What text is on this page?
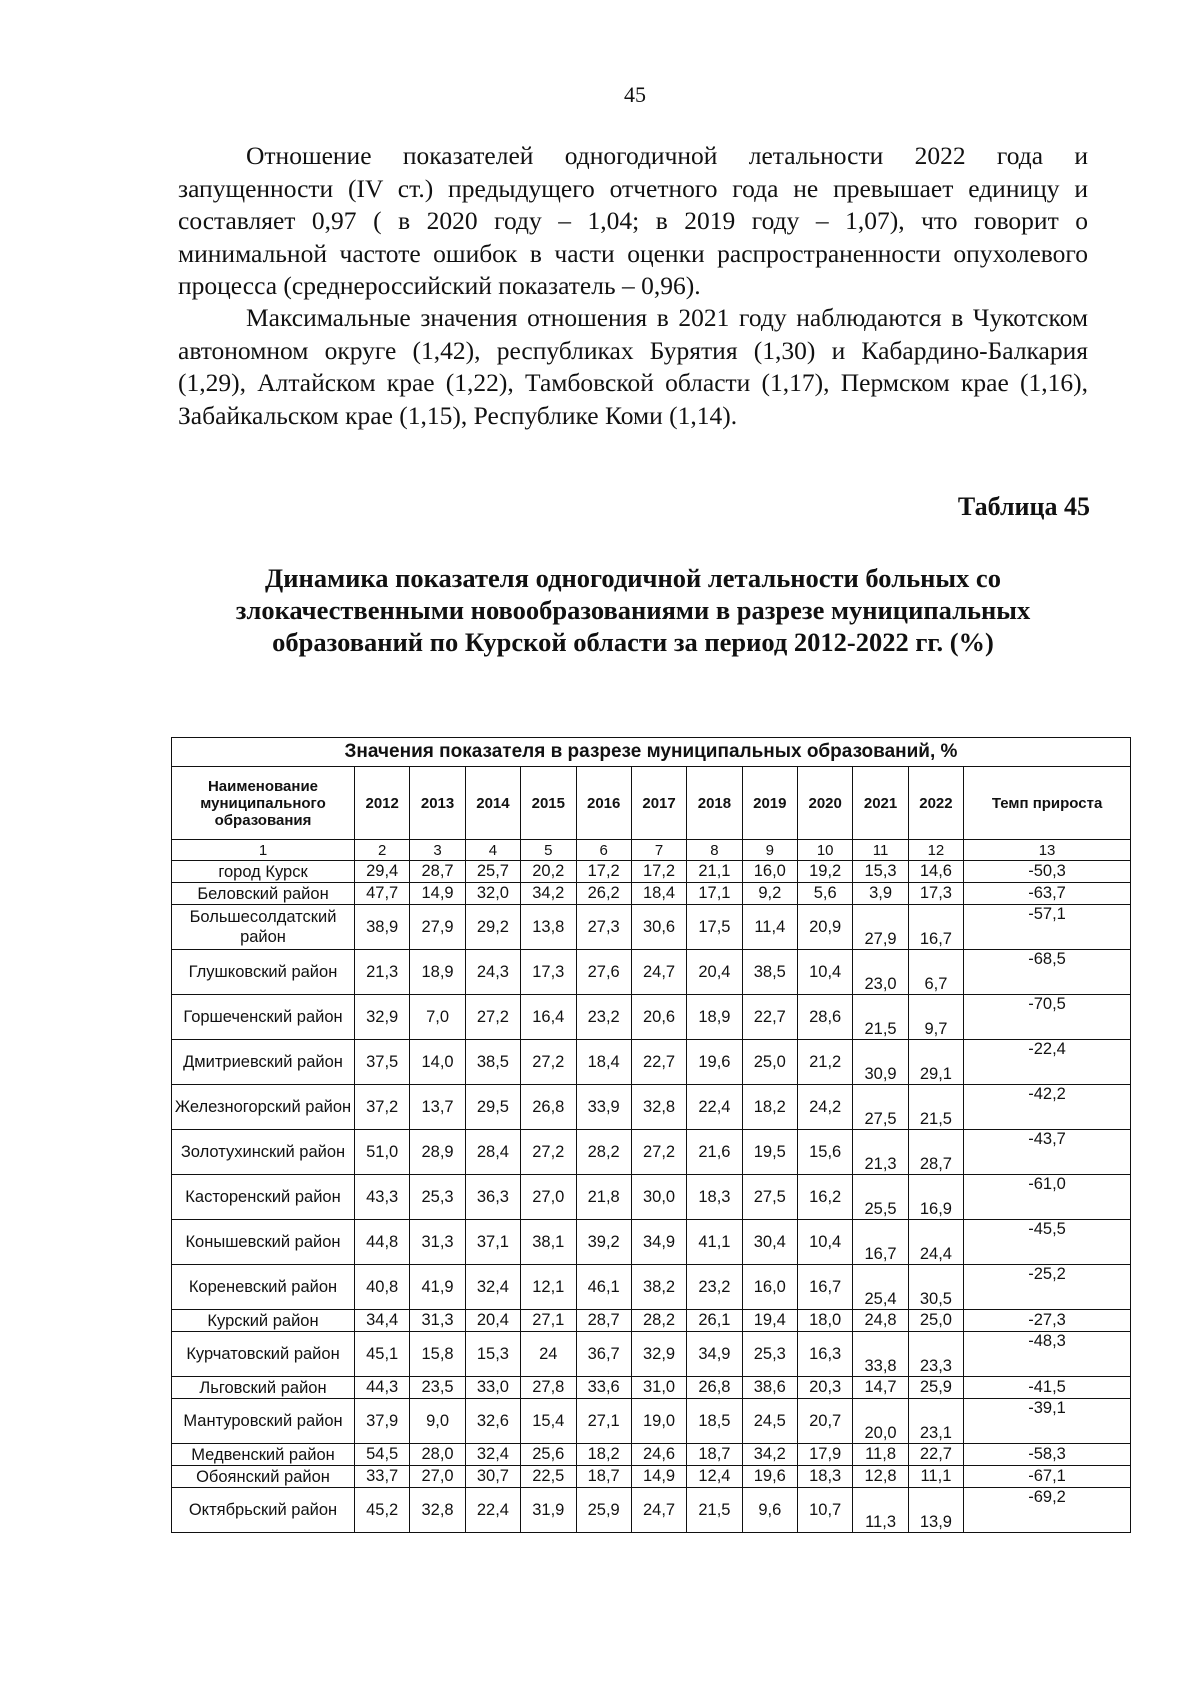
45

Отношение показателей одногодичной летальности 2022 года и запущенности (IV ст.) предыдущего отчетного года не превышает единицу и составляет 0,97 ( в 2020 году – 1,04; в 2019 году – 1,07), что говорит о минимальной частоте ошибок в части оценки распространенности опухолевого процесса (среднероссийский показатель – 0,96).

Максимальные значения отношения в 2021 году наблюдаются в Чукотском автономном округе (1,42), республиках Бурятия (1,30) и Кабардино-Балкария (1,29), Алтайском крае (1,22), Тамбовской области (1,17), Пермском крае (1,16), Забайкальском крае (1,15), Республике Коми (1,14).

Таблица 45
Динамика показателя одногодичной летальности больных со злокачественными новообразованиями в разрезе муниципальных образований по Курской области за период 2012-2022 гг. (%)
Значения показателя в разрезе муниципальных образований, %												
Наименование муниципального образования	2012	2013	2014	2015	2016	2017	2018	2019	2020	2021	2022	Темп прироста
1	2	3	4	5	6	7	8	9	10	11	12	13
город Курск	29,4	28,7	25,7	20,2	17,2	17,2	21,1	16,0	19,2	15,3	14,6	-50,3
Беловский район	47,7	14,9	32,0	34,2	26,2	18,4	17,1	9,2	5,6	3,9	17,3	-63,7
Большесолдатский район	38,9	27,9	29,2	13,8	27,3	30,6	17,5	11,4	20,9	27,9	16,7	-57,1
Глушковский район	21,3	18,9	24,3	17,3	27,6	24,7	20,4	38,5	10,4	23,0	6,7	-68,5
Горшеченский район	32,9	7,0	27,2	16,4	23,2	20,6	18,9	22,7	28,6	21,5	9,7	-70,5
Дмитриевский район	37,5	14,0	38,5	27,2	18,4	22,7	19,6	25,0	21,2	30,9	29,1	-22,4
Железногорский район	37,2	13,7	29,5	26,8	33,9	32,8	22,4	18,2	24,2	27,5	21,5	-42,2
Золотухинский район	51,0	28,9	28,4	27,2	28,2	27,2	21,6	19,5	15,6	21,3	28,7	-43,7
Касторенский район	43,3	25,3	36,3	27,0	21,8	30,0	18,3	27,5	16,2	25,5	16,9	-61,0
Конышевский район	44,8	31,3	37,1	38,1	39,2	34,9	41,1	30,4	10,4	16,7	24,4	-45,5
Кореневский район	40,8	41,9	32,4	12,1	46,1	38,2	23,2	16,0	16,7	25,4	30,5	-25,2
Курский район	34,4	31,3	20,4	27,1	28,7	28,2	26,1	19,4	18,0	24,8	25,0	-27,3
Курчатовский район	45,1	15,8	15,3	24	36,7	32,9	34,9	25,3	16,3	33,8	23,3	-48,3
Льговский район	44,3	23,5	33,0	27,8	33,6	31,0	26,8	38,6	20,3	14,7	25,9	-41,5
Мантуровский район	37,9	9,0	32,6	15,4	27,1	19,0	18,5	24,5	20,7	20,0	23,1	-39,1
Медвенский район	54,5	28,0	32,4	25,6	18,2	24,6	18,7	34,2	17,9	11,8	22,7	-58,3
Обоянский район	33,7	27,0	30,7	22,5	18,7	14,9	12,4	19,6	18,3	12,8	11,1	-67,1
Октябрьский район	45,2	32,8	22,4	31,9	25,9	24,7	21,5	9,6	10,7	11,3	13,9	-69,2
